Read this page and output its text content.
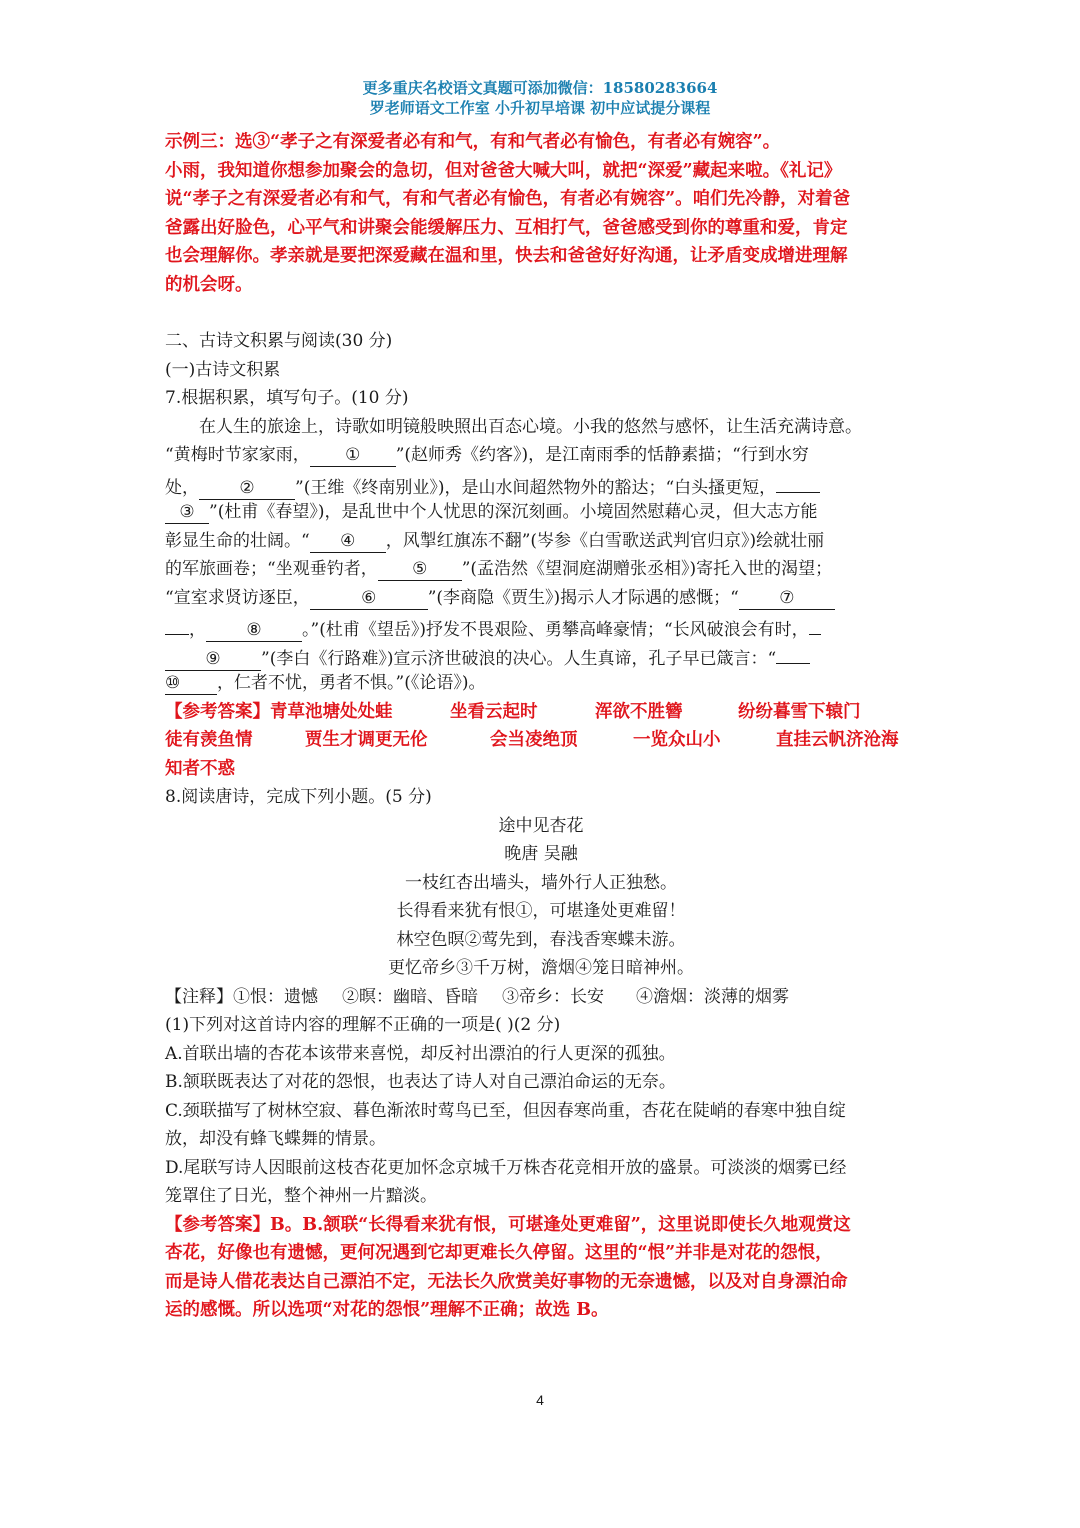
更多重庆名校语文真题可添加微信：18580283664
罗老师语文工作室 小升初早培课 初中应试提分课程
示例三：选③“孝子之有深爱者必有和气，有和气者必有愉色，有者必有婉容”。
小雨，我知道你想参加聚会的急切，但对爸爸大喊大叫，就把“深爱”藏起来啦。《礼记》
说“孝子之有深爱者必有和气，有和气者必有愉色，有者必有婉容”。咱们先冷静，对着爸
爸露出好脸色，心平气和讲聚会能缓解压力、互相打气，爸爸感受到你的尊重和爱，肯定
也会理解你。孝亲就是要把深爱藏在温和里，快去和爸爸好好沟通，让矛盾变成增进理解
的机会呀。
二、古诗文积累与阅读(30 分)
(一)古诗文积累
7.根据积累，填写句子。(10 分)
在人生的旅途上，诗歌如明镜般映照出百态心境。小我的悠然与感怀，让生活充满诗意。
“黄梅时节家家雨， ① ”(赵师秀《约客》)，是江南雨季的恬静素描；“行到水穷
处， ② ”(王维《终南别业》)，是山水间超然物外的豁达；“白头搔更短，
③ ”(杜甫《春望》)，是乱世中个人忧思的深沉刻画。小境固然慰藉心灵，但大志方能
彰显生命的壮阔。“ ④ ，风掣红旗冻不翻”(岑参《白雪歌送武判官归京》)绘就壮丽
的军旅画卷；“坐观垂钓者， ⑤ ”(孟浩然《望洞庭湖赠张丞相》)寄托入世的渴望；
“宣室求贤访逐臣，	⑥	”(李商隐《贾生》)揭示人才际遇的感慨；“ ⑦
， ⑧ 。”(杜甫《望岳》)抒发不畏艰险、勇攀高峰豪情；“长风破浪会有时，
⑨ ”(李白《行路难》)宣示济世破浪的决心。人生真谛，孔子早已箴言：“
⑩ ，仁者不忧，勇者不惧。”(《论语》)。
【参考答案】青草池塘处处蛙	坐看云起时	浑欲不胜簪	纷纷暮雪下辕门
徒有羡鱼情	贾生才调更无伦	会当凌绝顶	一览众山小	直挂云帆济沧海
知者不惑
8.阅读唐诗，完成下列小题。(5 分)
途中见杏花
晚唐 吴融
一枝红杏出墙头，墙外行人正独愁。
长得看来犹有恨①，可堪逢处更难留！
林空色暝②莺先到，春浅香寒蝶未游。
更忆帝乡③千万树，澹烟④笼日暗神州。
【注释】①恨：遗憾 ②暝：幽暗、昏暗 ③帝乡：长安 ④澹烟：淡薄的烟雾
(1)下列对这首诗内容的理解不正确的一项是( )(2 分)
A.首联出墙的杏花本该带来喜悦，却反衬出漂泊的行人更深的孤独。
B.颔联既表达了对花的怨恨，也表达了诗人对自己漂泊命运的无奈。
C.颈联描写了树林空寂、暮色渐浓时莺鸟已至，但因春寒尚重，杏花在陡峭的春寒中独自绽
放，却没有蜂飞蝶舞的情景。
D.尾联写诗人因眼前这枝杏花更加怀念京城千万株杏花竞相开放的盛景。可淡淡的烟雾已经
笼罩住了日光，整个神州一片黯淡。
【参考答案】B。B.颔联“长得看来犹有恨，可堪逢处更难留”，这里说即使长久地观赏这
杏花，好像也有遗憾，更何况遇到它却更难长久停留。这里的“恨”并非是对花的怨恨，
而是诗人借花表达自己漂泊不定，无法长久欣赏美好事物的无奈遗憾，以及对自身漂泊命
运的感慨。所以选项“对花的怨恨”理解不正确；故选 B。
4
